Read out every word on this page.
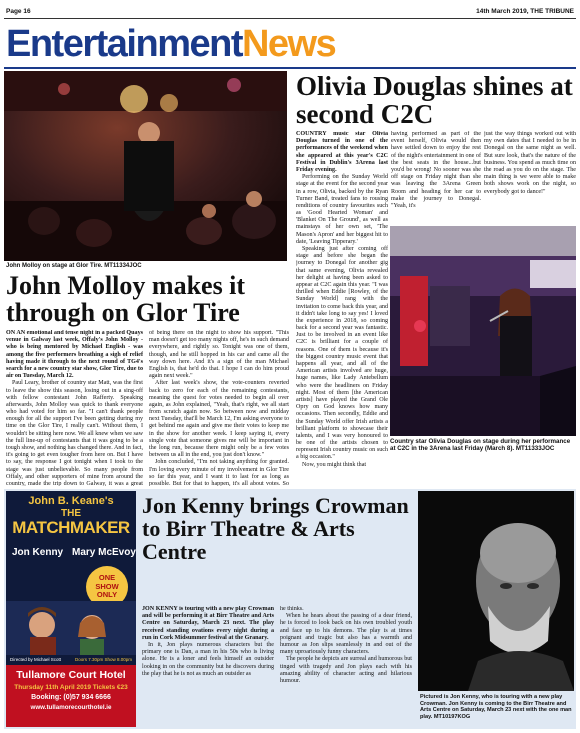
Page 16	14th March 2019, THE TRIBUNE
EntertainmentNews
John Molloy on stage at Glor Tire. MT11334JOC
John Molloy makes it through on Glor Tire

ON AN emotional and tense night in a packed Quays venue in Galway last week, Offaly's John Molloy - who is being mentored by Michael English - was among the five performers breathing a sigh of relief having made it through to the next round of TG4's search for a new country star show, Glor Tire, due to air on Tuesday, March 12.

Paul Leary, brother of country star Matt, was the first to leave the show this season, losing out in a sing-off with fellow contestant John Rafferty. Speaking afterwards, John Molloy was quick to thank everyone who had voted for him so far. "I can't thank people enough for all the support I've been getting during my time on the Glor Tire, I really can't. Without them, I wouldn't be sitting here now. We all knew when we saw the full line-up of contestants that it was going to be a tough show, and nothing has changed there. And in fact, it's going to get even tougher from here on. But I have to say, the response I got tonight when I took to the stage was just unbelievable. So many people from Offaly, and other supporters of mine from around the country, made the trip down to Galway, it was a great

of being there on the night to show his support. "This man doesn't get too many nights off, he's in such demand everywhere, and rightly so. Tonight was one of them, though, and he still hopped in his car and came all the way down here. And it's a sign of the man Michael English is, that he'd do that. I hope I can do him proud again next week."

After last week's show, the vote-counters reverted back to zero for each of the remaining contestants, meaning the quest for votes needed to begin all over again, as John explained, "Yeah, that's right, we all start from scratch again now. So between now and midday next Tuesday, that'll be March 12, I'm asking everyone to get behind me again and give me their votes to keep me in the show for another week. I keep saying it, every single vote that someone gives me will be important in the long run, because there might only be a few votes between us all in the end, you just don't know."

John concluded, "I'm not taking anything for granted. I'm loving every minute of my involvement in Glor Tire so far this year, and I want it to last for as long as possible. But for that to happen, it's all about votes. So

Olivia Douglas shines at second C2C

COUNTRY music star Olivia Douglas turned in one of the performances of the weekend when she appeared at this year's C2C Festival in Dublin's 3Arena last Friday evening.

Performing on the Sunday World stage at the event for the second year in a row, Olivia, backed by the Ryan Turner Band, treated fans to rousing renditions of country favourites such as 'Good Hearted Woman' and 'Blanket On The Ground', as well as mainstays of her own set, 'The Mason's Apron' and her biggest hit to date, 'Leaving Tipperary.'

Speaking just after coming off stage and before she began the journey to Donegal for another gig that same evening, Olivia revealed her delight at having been asked to appear at C2C again this year. "I was thrilled when Eddie [Rowley, of the Sunday World] rang with the invitation to come back this year, and it didn't take long to say yes! I loved the experience in 2018, so coming back for a second year was fantastic. Just to be involved in an event like C2C is brilliant for a couple of reasons. One of them is because it's the biggest country music event that happens all year, and all of the American artists involved are huge, huge names, like Lady Antebellum who were the headliners on Friday night. Most of them [the American artists] have played the Grand Ole Opry on God knows how many occasions. Then secondly, Eddie and the Sunday World offer Irish artists a brilliant platform to showcase their talents, and I was very honoured to be one of the artists chosen to represent Irish country music on such a big occasion."

Now, you might think that

having performed as part of the event herself, Olivia would then have settled down to enjoy the rest of the night's entertainment in one of the best seats in the house...but you'd be wrong! No sooner was she off stage on Friday night than she was leaving the 3Arena Green Room and heading for her car to make the journey to Donegal. "Yeah, it's

just the way things worked out with my own dates that I needed to be in Donegal on the same night as well. But sure look, that's the nature of the business. You spend as much time on the road as you do on the stage. The main thing is we were able to make both shows work on the night, so everybody got to dance!"

Country star Olivia Douglas on stage during her performance at C2C in the 3Arena last Friday (March 8). MT11333JOC
John B. Keane's
THE
MATCHMAKER
Jon Kenny Mary McEvoy
ONE
SHOW
ONLY
Directed by Michael Scott	Doors 7.30pm Show 8.00pm
Tullamore Court Hotel
Thursday 11th April 2019 Tickets €23
Booking: (0)57 934 6666
www.tullamorecourthotel.ie
Jon Kenny brings Crowman to Birr Theatre & Arts Centre

JON KENNY is touring with a new play Crowman and will be performing it at Birr Theatre and Arts Centre on Saturday, March 23 next. The play received standing ovations every night during a run in Cork Midsummer festival at the Granary.

In it, Jon plays numerous characters but the primary one is Dan, a man in his 50s who is living alone. He is a loner and feels himself an outsider looking in on the community but he discovers during the play that he is not as much an outsider as

he thinks.

When he hears about the passing of a dear friend, he is forced to look back on his own troubled youth and face up to his demons. The play is at times poignant and tragic but also has a warmth and humour as Jon slips seamlessly in and out of the many uproariously funny characters.

The people he depicts are surreal and humorous but tinged with tragedy and Jon plays each with his amazing ability of character acting and hilarious humour.

Pictured is Jon Kenny, who is touring with a new play Crowman. Jon Kenny is coming to the Birr Theatre and Arts Centre on Saturday, March 23 next with the one man play. MT10197KOG
